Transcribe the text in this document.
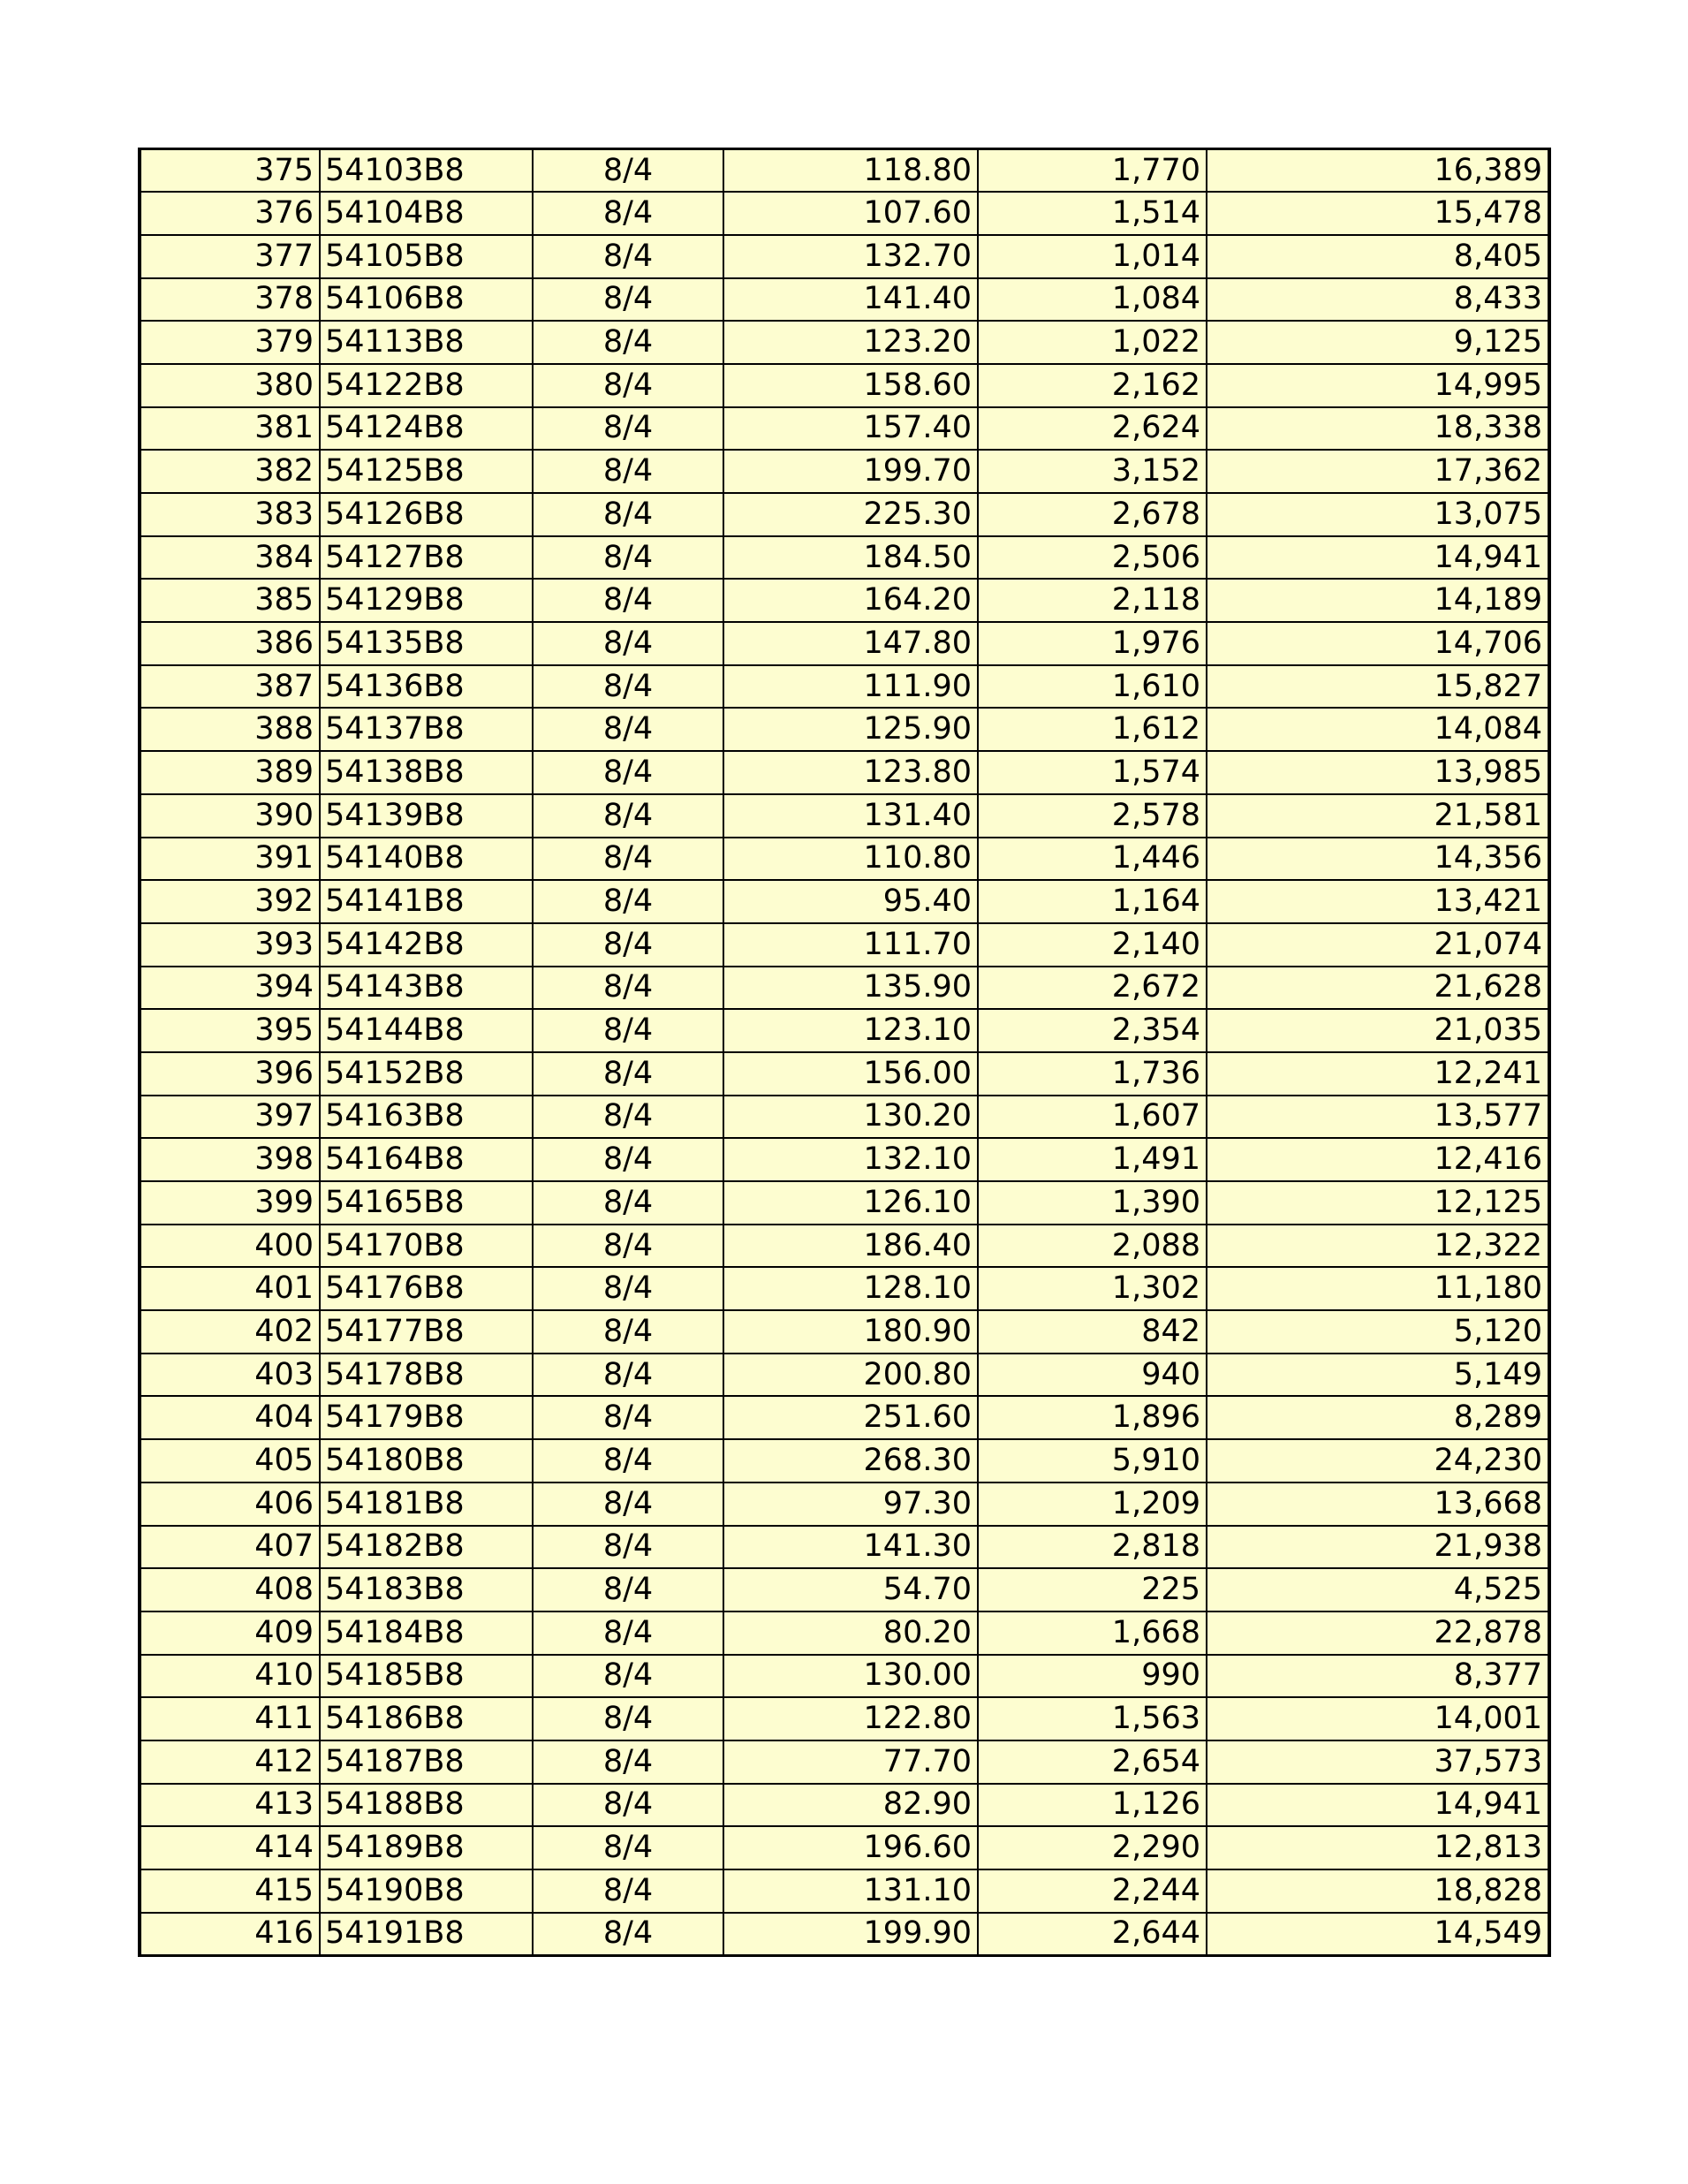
375	54103B8	8/4	118.80	1,770	16,389
376	54104B8	8/4	107.60	1,514	15,478
377	54105B8	8/4	132.70	1,014	8,405
378	54106B8	8/4	141.40	1,084	8,433
379	54113B8	8/4	123.20	1,022	9,125
380	54122B8	8/4	158.60	2,162	14,995
381	54124B8	8/4	157.40	2,624	18,338
382	54125B8	8/4	199.70	3,152	17,362
383	54126B8	8/4	225.30	2,678	13,075
384	54127B8	8/4	184.50	2,506	14,941
385	54129B8	8/4	164.20	2,118	14,189
386	54135B8	8/4	147.80	1,976	14,706
387	54136B8	8/4	111.90	1,610	15,827
388	54137B8	8/4	125.90	1,612	14,084
389	54138B8	8/4	123.80	1,574	13,985
390	54139B8	8/4	131.40	2,578	21,581
391	54140B8	8/4	110.80	1,446	14,356
392	54141B8	8/4	95.40	1,164	13,421
393	54142B8	8/4	111.70	2,140	21,074
394	54143B8	8/4	135.90	2,672	21,628
395	54144B8	8/4	123.10	2,354	21,035
396	54152B8	8/4	156.00	1,736	12,241
397	54163B8	8/4	130.20	1,607	13,577
398	54164B8	8/4	132.10	1,491	12,416
399	54165B8	8/4	126.10	1,390	12,125
400	54170B8	8/4	186.40	2,088	12,322
401	54176B8	8/4	128.10	1,302	11,180
402	54177B8	8/4	180.90	842	5,120
403	54178B8	8/4	200.80	940	5,149
404	54179B8	8/4	251.60	1,896	8,289
405	54180B8	8/4	268.30	5,910	24,230
406	54181B8	8/4	97.30	1,209	13,668
407	54182B8	8/4	141.30	2,818	21,938
408	54183B8	8/4	54.70	225	4,525
409	54184B8	8/4	80.20	1,668	22,878
410	54185B8	8/4	130.00	990	8,377
411	54186B8	8/4	122.80	1,563	14,001
412	54187B8	8/4	77.70	2,654	37,573
413	54188B8	8/4	82.90	1,126	14,941
414	54189B8	8/4	196.60	2,290	12,813
415	54190B8	8/4	131.10	2,244	18,828
416	54191B8	8/4	199.90	2,644	14,549
